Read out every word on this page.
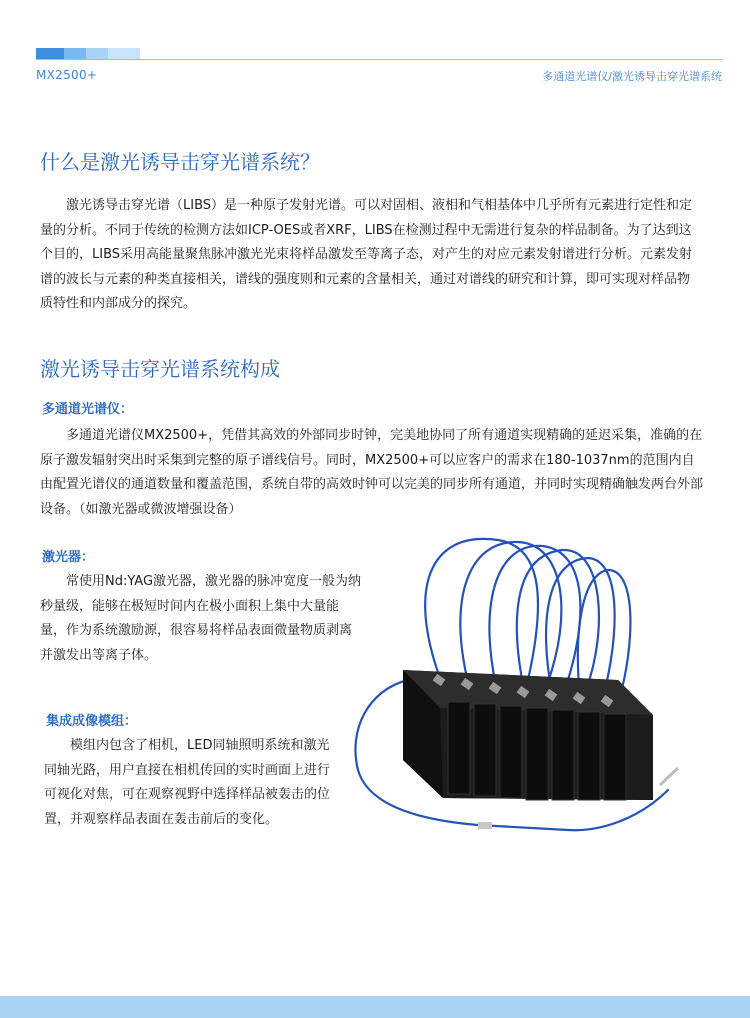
MX2500+	多通道光谱仪/激光诱导击穿光谱系统
什么是激光诱导击穿光谱系统？

激光诱导击穿光谱（LIBS）是一种原子发射光谱。可以对固相、液相和气相基体中几乎所有元素进行定性和定量的分析。不同于传统的检测方法如ICP-OES或者XRF，LIBS在检测过程中无需进行复杂的样品制备。为了达到这个目的，LIBS采用高能量聚焦脉冲激光光束将样品激发至等离子态，对产生的对应元素发射谱进行分析。元素发射谱的波长与元素的种类直接相关，谱线的强度则和元素的含量相关，通过对谱线的研究和计算，即可实现对样品物质特性和内部成分的探究。

激光诱导击穿光谱系统构成
多通道光谱仪：

多通道光谱仪MX2500+，凭借其高效的外部同步时钟，完美地协同了所有通道实现精确的延迟采集，准确的在原子激发辐射突出时采集到完整的原子谱线信号。同时，MX2500+可以应客户的需求在180-1037nm的范围内自由配置光谱仪的通道数量和覆盖范围，系统自带的高效时钟可以完美的同步所有通道，并同时实现精确触发两台外部设备。（如激光器或微波增强设备）

激光器：

常使用Nd:YAG激光器，激光器的脉冲宽度一般为纳秒量级，能够在极短时间内在极小面积上集中大量能量，作为系统激励源，很容易将样品表面微量物质剥离并激发出等离子体。

集成成像模组：

模组内包含了相机，LED同轴照明系统和激光同轴光路，用户直接在相机传回的实时画面上进行可视化对焦，可在观察视野中选择样品被轰击的位置，并观察样品表面在轰击前后的变化。
